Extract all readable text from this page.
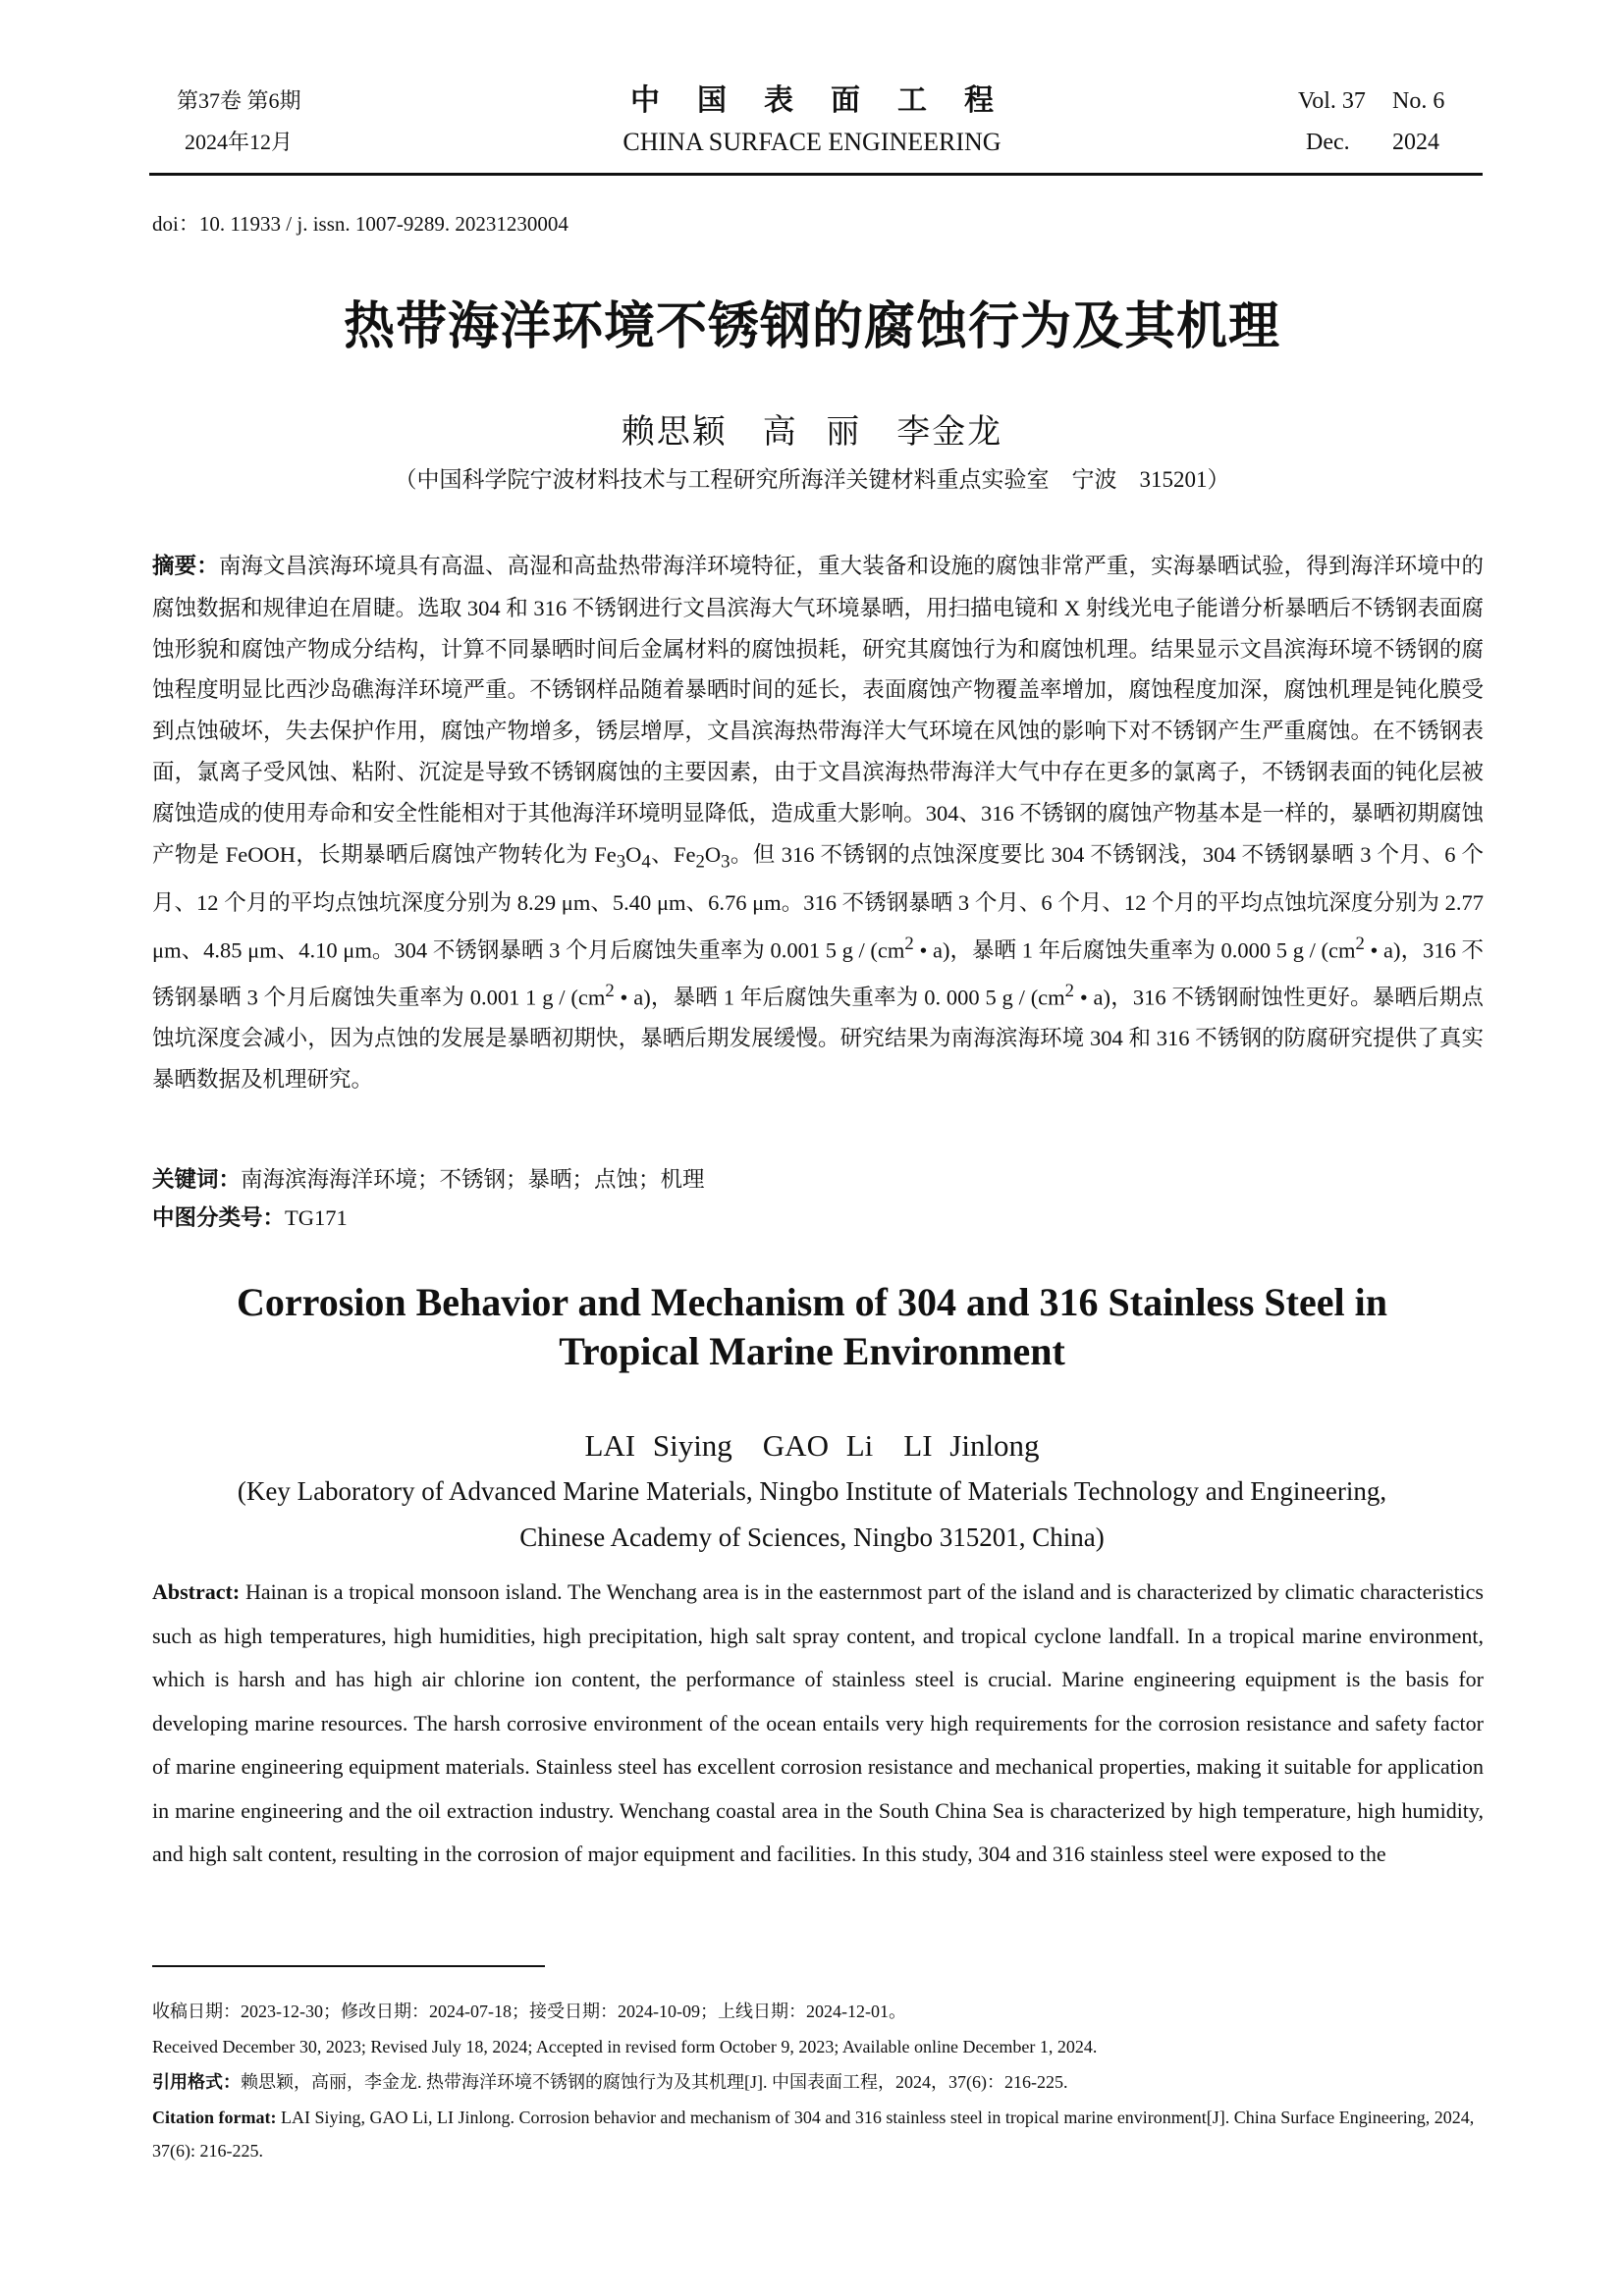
第37卷 第6期
2024年12月
中国表面工程
CHINA SURFACE ENGINEERING
Vol. 37 No. 6
Dec. 2024
doi：10. 11933 / j. issn. 1007-9289. 20231230004
热带海洋环境不锈钢的腐蚀行为及其机理
赖思颖　高 丽　李金龙
（中国科学院宁波材料技术与工程研究所海洋关键材料重点实验室　宁波　315201）
摘要：南海文昌滨海环境具有高温、高湿和高盐热带海洋环境特征，重大装备和设施的腐蚀非常严重，实海暴晒试验，得到海洋环境中的腐蚀数据和规律迫在眉睫。选取 304 和 316 不锈钢进行文昌滨海大气环境暴晒，用扫描电镜和 X 射线光电子能谱分析暴晒后不锈钢表面腐蚀形貌和腐蚀产物成分结构，计算不同暴晒时间后金属材料的腐蚀损耗，研究其腐蚀行为和腐蚀机理。结果显示文昌滨海环境不锈钢的腐蚀程度明显比西沙岛礁海洋环境严重。不锈钢样品随着暴晒时间的延长，表面腐蚀产物覆盖率增加，腐蚀程度加深，腐蚀机理是钝化膜受到点蚀破坏，失去保护作用，腐蚀产物增多，锈层增厚，文昌滨海热带海洋大气环境在风蚀的影响下对不锈钢产生严重腐蚀。在不锈钢表面，氯离子受风蚀、粘附、沉淀是导致不锈钢腐蚀的主要因素，由于文昌滨海热带海洋大气中存在更多的氯离子，不锈钢表面的钝化层被腐蚀造成的使用寿命和安全性能相对于其他海洋环境明显降低，造成重大影响。304、316 不锈钢的腐蚀产物基本是一样的，暴晒初期腐蚀产物是 FeOOH，长期暴晒后腐蚀产物转化为 $Fe_3O_4$、$Fe_2O_3$。但 316 不锈钢的点蚀深度要比 304 不锈钢浅，304 不锈钢暴晒 3 个月、6 个月、12 个月的平均点蚀坑深度分别为 8.29 μm、5.40 μm、6.76 μm。316 不锈钢暴晒 3 个月、6 个月、12 个月的平均点蚀坑深度分别为 2.77 μm、4.85 μm、4.10 μm。304 不锈钢暴晒 3 个月后腐蚀失重率为 0.001 5 g / ($cm^2$ • a)，暴晒 1 年后腐蚀失重率为 0.000 5 g / ($cm^2$ • a)，316 不锈钢暴晒 3 个月后腐蚀失重率为 0.001 1 g / ($cm^2$ • a)，暴晒 1 年后腐蚀失重率为 0. 000 5 g / ($cm^2$ • a)，316 不锈钢耐蚀性更好。暴晒后期点蚀坑深度会减小，因为点蚀的发展是暴晒初期快，暴晒后期发展缓慢。研究结果为南海滨海环境 304 和 316 不锈钢的防腐研究提供了真实暴晒数据及机理研究。
关键词：南海滨海海洋环境；不锈钢；暴晒；点蚀；机理
中图分类号：TG171
Corrosion Behavior and Mechanism of 304 and 316 Stainless Steel in
Tropical Marine Environment
LAI Siying　GAO Li　LI Jinlong
(Key Laboratory of Advanced Marine Materials, Ningbo Institute of Materials Technology and Engineering,
Chinese Academy of Sciences, Ningbo 315201, China)
Abstract: Hainan is a tropical monsoon island. The Wenchang area is in the easternmost part of the island and is characterized by climatic characteristics such as high temperatures, high humidities, high precipitation, high salt spray content, and tropical cyclone landfall. In a tropical marine environment, which is harsh and has high air chlorine ion content, the performance of stainless steel is crucial. Marine engineering equipment is the basis for developing marine resources. The harsh corrosive environment of the ocean entails very high requirements for the corrosion resistance and safety factor of marine engineering equipment materials. Stainless steel has excellent corrosion resistance and mechanical properties, making it suitable for application in marine engineering and the oil extraction industry. Wenchang coastal area in the South China Sea is characterized by high temperature, high humidity, and high salt content, resulting in the corrosion of major equipment and facilities. In this study, 304 and 316 stainless steel were exposed to the
收稿日期：2023-12-30；修改日期：2024-07-18；接受日期：2024-10-09；上线日期：2024-12-01。
Received December 30, 2023; Revised July 18, 2024; Accepted in revised form October 9, 2023; Available online December 1, 2024.
引用格式：赖思颖，高丽，李金龙. 热带海洋环境不锈钢的腐蚀行为及其机理[J]. 中国表面工程，2024，37(6)：216-225.
Citation format: LAI Siying, GAO Li, LI Jinlong. Corrosion behavior and mechanism of 304 and 316 stainless steel in tropical marine environment[J]. China Surface Engineering, 2024, 37(6): 216-225.
